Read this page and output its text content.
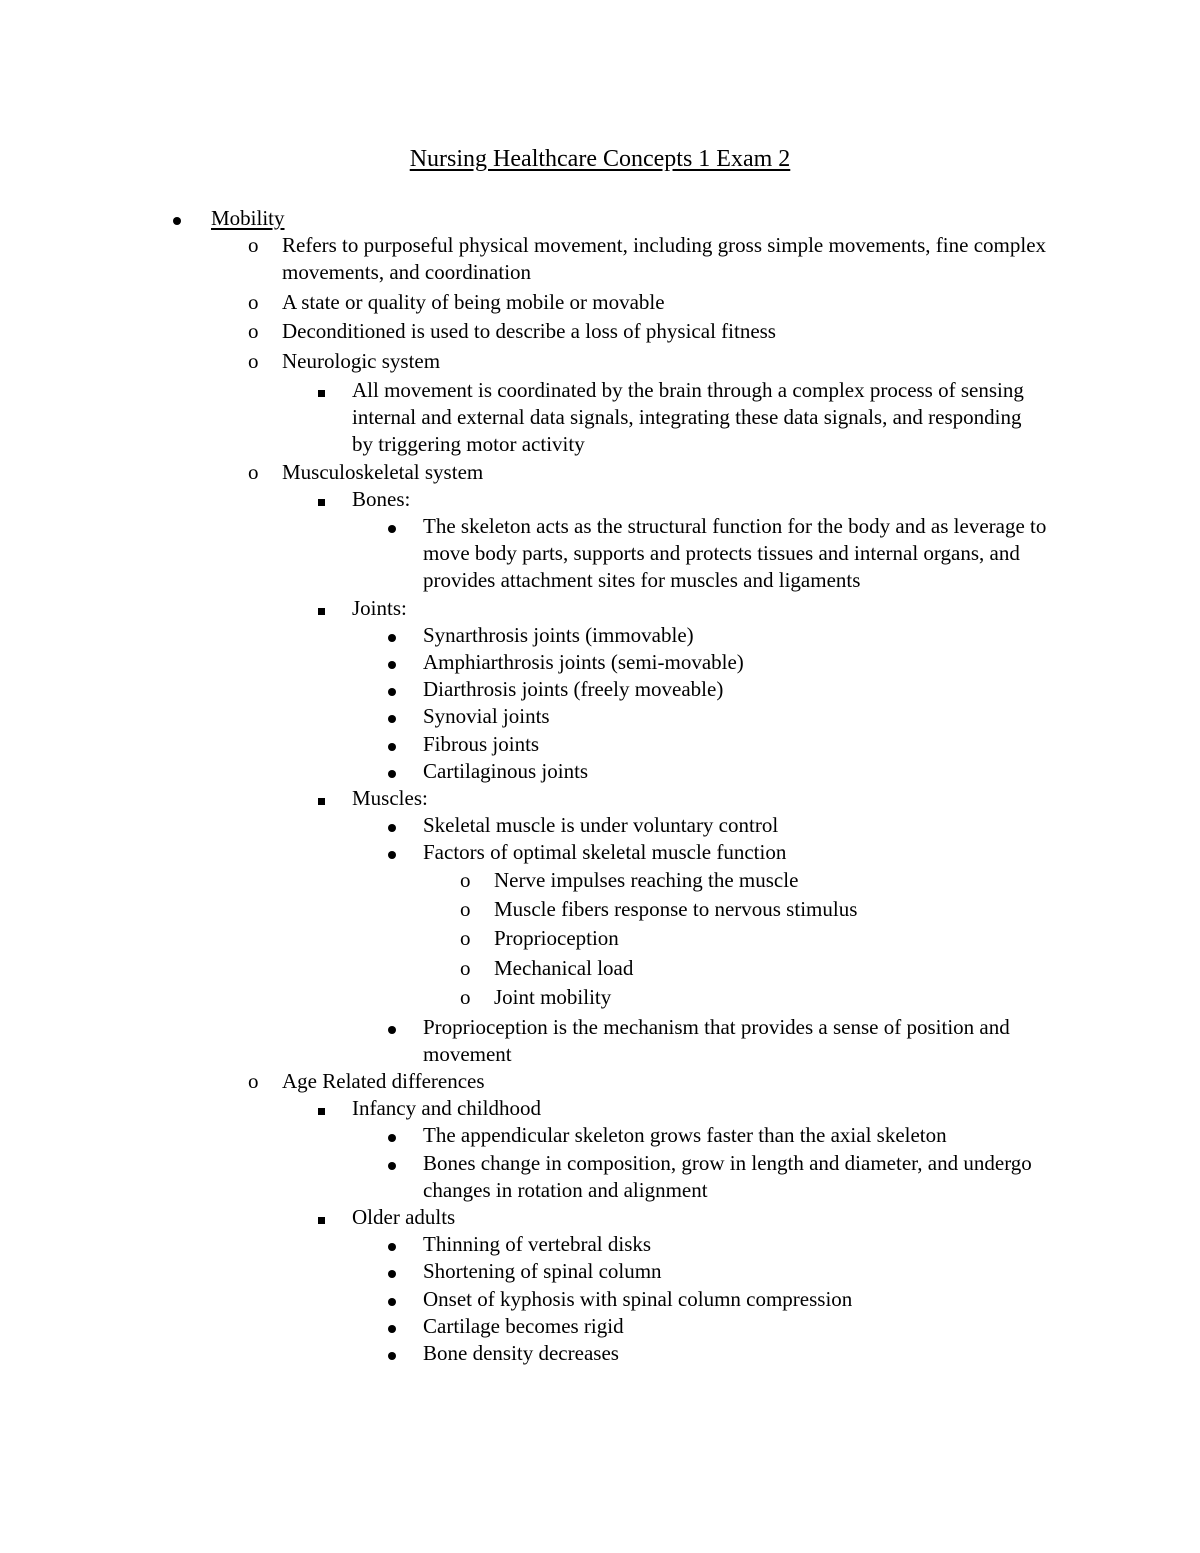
Nursing Healthcare Concepts 1 Exam 2
Mobility
o	Refers to purposeful physical movement, including gross simple movements, fine complex movements, and coordination
o	A state or quality of being mobile or movable
o	Deconditioned is used to describe a loss of physical fitness
o	Neurologic system
All movement is coordinated by the brain through a complex process of sensing internal and external data signals, integrating these data signals, and responding by triggering motor activity
o	Musculoskeletal system
Bones:
The skeleton acts as the structural function for the body and as leverage to move body parts, supports and protects tissues and internal organs, and provides attachment sites for muscles and ligaments
Joints:
Synarthrosis joints (immovable)
Amphiarthrosis joints (semi-movable)
Diarthrosis joints (freely moveable)
Synovial joints
Fibrous joints
Cartilaginous joints
Muscles:
Skeletal muscle is under voluntary control
Factors of optimal skeletal muscle function
o	Nerve impulses reaching the muscle
o	Muscle fibers response to nervous stimulus
o	Proprioception
o	Mechanical load
o	Joint mobility
Proprioception is the mechanism that provides a sense of position and movement
o	Age Related differences
Infancy and childhood
The appendicular skeleton grows faster than the axial skeleton
Bones change in composition, grow in length and diameter, and undergo changes in rotation and alignment
Older adults
Thinning of vertebral disks
Shortening of spinal column
Onset of kyphosis with spinal column compression
Cartilage becomes rigid
Bone density decreases
